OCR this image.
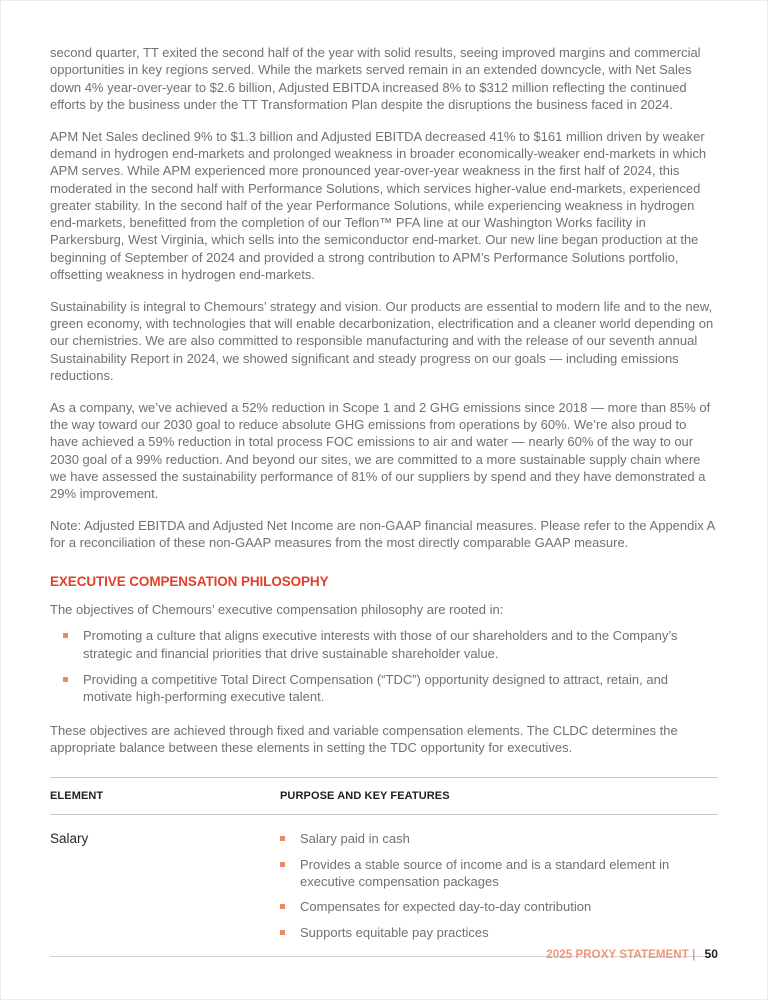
second quarter, TT exited the second half of the year with solid results, seeing improved margins and commercial opportunities in key regions served. While the markets served remain in an extended downcycle, with Net Sales down 4% year-over-year to $2.6 billion, Adjusted EBITDA increased 8% to $312 million reflecting the continued efforts by the business under the TT Transformation Plan despite the disruptions the business faced in 2024.

APM Net Sales declined 9% to $1.3 billion and Adjusted EBITDA decreased 41% to $161 million driven by weaker demand in hydrogen end-markets and prolonged weakness in broader economically-weaker end-markets in which APM serves. While APM experienced more pronounced year-over-year weakness in the first half of 2024, this moderated in the second half with Performance Solutions, which services higher-value end-markets, experienced greater stability. In the second half of the year Performance Solutions, while experiencing weakness in hydrogen end-markets, benefitted from the completion of our Teflon™ PFA line at our Washington Works facility in Parkersburg, West Virginia, which sells into the semiconductor end-market. Our new line began production at the beginning of September of 2024 and provided a strong contribution to APM’s Performance Solutions portfolio, offsetting weakness in hydrogen end-markets.

Sustainability is integral to Chemours’ strategy and vision. Our products are essential to modern life and to the new, green economy, with technologies that will enable decarbonization, electrification and a cleaner world depending on our chemistries. We are also committed to responsible manufacturing and with the release of our seventh annual Sustainability Report in 2024, we showed significant and steady progress on our goals — including emissions reductions.

As a company, we’ve achieved a 52% reduction in Scope 1 and 2 GHG emissions since 2018 — more than 85% of the way toward our 2030 goal to reduce absolute GHG emissions from operations by 60%. We’re also proud to have achieved a 59% reduction in total process FOC emissions to air and water — nearly 60% of the way to our 2030 goal of a 99% reduction. And beyond our sites, we are committed to a more sustainable supply chain where we have assessed the sustainability performance of 81% of our suppliers by spend and they have demonstrated a 29% improvement.

Note: Adjusted EBITDA and Adjusted Net Income are non-GAAP financial measures. Please refer to the Appendix A for a reconciliation of these non-GAAP measures from the most directly comparable GAAP measure.

EXECUTIVE COMPENSATION PHILOSOPHY

The objectives of Chemours’ executive compensation philosophy are rooted in:

Promoting a culture that aligns executive interests with those of our shareholders and to the Company’s strategic and financial priorities that drive sustainable shareholder value.
Providing a competitive Total Direct Compensation (“TDC”) opportunity designed to attract, retain, and motivate high-performing executive talent.

These objectives are achieved through fixed and variable compensation elements. The CLDC determines the appropriate balance between these elements in setting the TDC opportunity for executives.

ELEMENT	PURPOSE AND KEY FEATURES
Salary	Salary paid in cash
Provides a stable source of income and is a standard element in executive compensation packages
Compensates for expected day-to-day contribution
Supports equitable pay practices
2025 PROXY STATEMENT | 50
